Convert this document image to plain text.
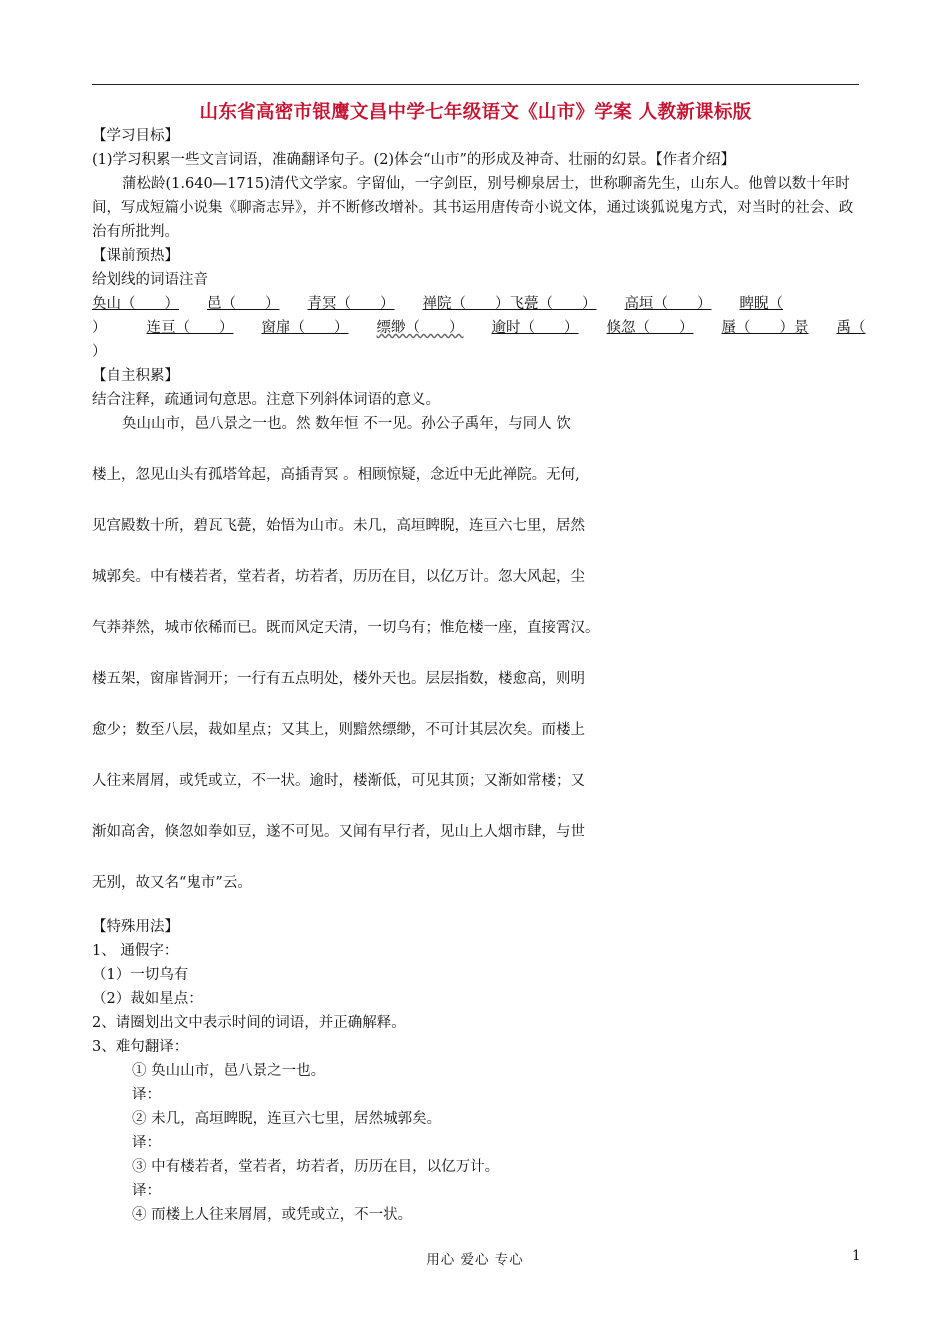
山东省高密市银鹰文昌中学七年级语文《山市》学案 人教新课标版

【学习目标】

(1)学习积累一些文言词语，准确翻译句子。(2)体会“山市”的形成及神奇、壮丽的幻景。【作者介绍】

蒲松龄(1.640—1715)清代文学家。字留仙，一字剑臣，别号柳泉居士，世称聊斋先生，山东人。他曾以数十年时间，写成短篇小说集《聊斋志异》，并不断修改增补。其书运用唐传奇小说文体，通过谈狐说鬼方式，对当时的社会、政治有所批判。

【课前预热】

给划线的词语注音

奂山（　　） 邑（　　） 青冥（　　） 禅院（　　）飞甍（　　） 高垣（　　） 睥睨（
）	连亘（　　） 窗扉（　　） 缥缈（　　） 逾时（　　） 倏忽（　　） 蜃（　　）景 禹（

）

【自主积累】

结合注释，疏通词句意思。注意下列斜体词语的意义。

奂山山市，邑八景之一也。然 数年恒 不一见。孙公子禹年，与同人 饮
楼上，忽见山头有孤塔耸起，高插青冥 。相顾惊疑，念近中无此禅院。无何,
见宫殿数十所，碧瓦飞甍，始悟为山市。未几，高垣睥睨，连亘六七里，居然
城郭矣。中有楼若者，堂若者，坊若者，历历在目，以亿万计。忽大风起，尘
气莽莽然，城市依稀而已。既而风定天清，一切乌有；惟危楼一座，直接霄汉。
楼五架，窗扉皆洞开；一行有五点明处，楼外天也。层层指数，楼愈高，则明
愈少；数至八层，裁如星点；又其上，则黯然缥缈，不可计其层次矣。而楼上
人往来屑屑，或凭或立，不一状。逾时，楼渐低，可见其顶；又渐如常楼；又
渐如高舍，倏忽如拳如豆，遂不可见。又闻有早行者，见山上人烟市肆，与世
无别，故又名“鬼市”云。

【特殊用法】

1、 通假字：

（1）一切乌有

（2）裁如星点：

2、请圈划出文中表示时间的词语，并正确解释。

3、难句翻译：

① 奂山山市，邑八景之一也。

译：

② 未几，高垣睥睨，连亘六七里，居然城郭矣。

译：

③ 中有楼若者，堂若者，坊若者，历历在目，以亿万计。

译：

④ 而楼上人往来屑屑，或凭或立，不一状。

用心 爱心 专心	1
